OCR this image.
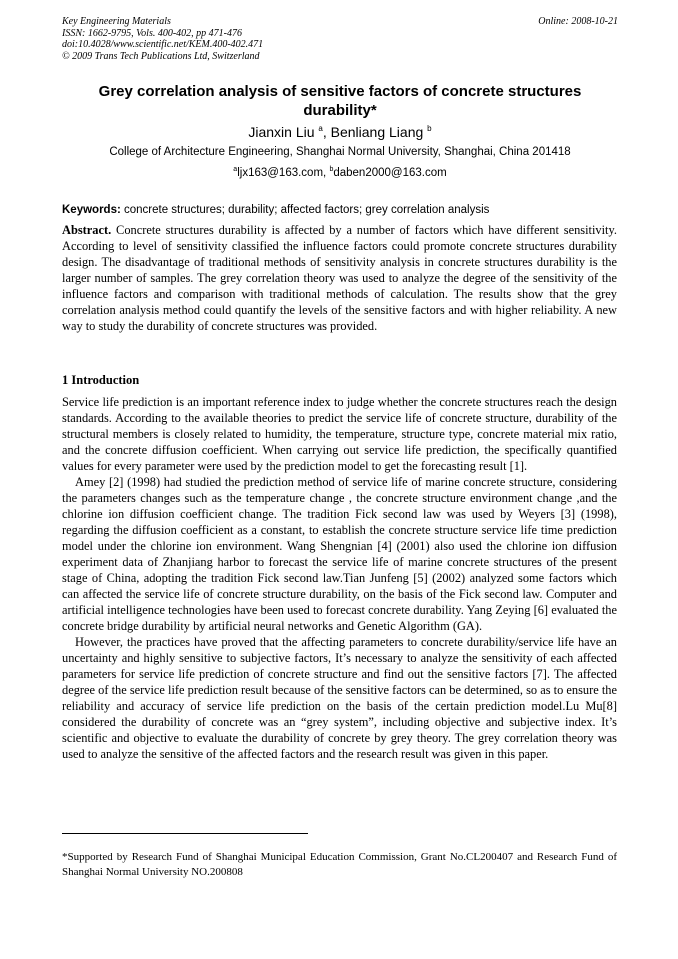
Key Engineering Materials
ISSN: 1662-9795, Vols. 400-402, pp 471-476
doi:10.4028/www.scientific.net/KEM.400-402.471
© 2009 Trans Tech Publications Ltd, Switzerland
Online: 2008-10-21
Grey correlation analysis of sensitive factors of concrete structures durability*
Jianxin Liu $^a$, Benliang Liang $^b$
College of Architecture Engineering, Shanghai Normal University, Shanghai, China 201418
$^a$ljx163@163.com, $^b$daben2000@163.com
Keywords: concrete structures; durability; affected factors; grey correlation analysis

Abstract. Concrete structures durability is affected by a number of factors which have different sensitivity. According to level of sensitivity classified the influence factors could promote concrete structures durability design. The disadvantage of traditional methods of sensitivity analysis in concrete structures durability is the larger number of samples. The grey correlation theory was used to analyze the degree of the sensitivity of the influence factors and comparison with traditional methods of calculation. The results show that the grey correlation analysis method could quantify the levels of the sensitive factors and with higher reliability. A new way to study the durability of concrete structures was provided.

1 Introduction

Service life prediction is an important reference index to judge whether the concrete structures reach the design standards. According to the available theories to predict the service life of concrete structure, durability of the structural members is closely related to humidity, the temperature, structure type, concrete material mix ratio, and the concrete diffusion coefficient. When carrying out service life prediction, the specifically quantified values for every parameter were used by the prediction model to get the forecasting result [1].

Amey [2] (1998) had studied the prediction method of service life of marine concrete structure, considering the parameters changes such as the temperature change , the concrete structure environment change ,and the chlorine ion diffusion coefficient change. The tradition Fick second law was used by Weyers [3] (1998), regarding the diffusion coefficient as a constant, to establish the concrete structure service life time prediction model under the chlorine ion environment. Wang Shengnian [4] (2001) also used the chlorine ion diffusion experiment data of Zhanjiang harbor to forecast the service life of marine concrete structures of the present stage of China, adopting the tradition Fick second law.Tian Junfeng [5] (2002) analyzed some factors which can affected the service life of concrete structure durability, on the basis of the Fick second law. Computer and artificial intelligence technologies have been used to forecast concrete durability. Yang Zeying [6] evaluated the concrete bridge durability by artificial neural networks and Genetic Algorithm (GA).

However, the practices have proved that the affecting parameters to concrete durability/service life have an uncertainty and highly sensitive to subjective factors, It’s necessary to analyze the sensitivity of each affected parameters for service life prediction of concrete structure and find out the sensitive factors [7]. The affected degree of the service life prediction result because of the sensitive factors can be determined, so as to ensure the reliability and accuracy of service life prediction on the basis of the certain prediction model.Lu Mu[8] considered the durability of concrete was an “grey system”, including objective and subjective index. It’s scientific and objective to evaluate the durability of concrete by grey theory. The grey correlation theory was used to analyze the sensitive of the affected factors and the research result was given in this paper.

*Supported by Research Fund of Shanghai Municipal Education Commission, Grant No.CL200407 and Research Fund of Shanghai Normal University NO.200808
